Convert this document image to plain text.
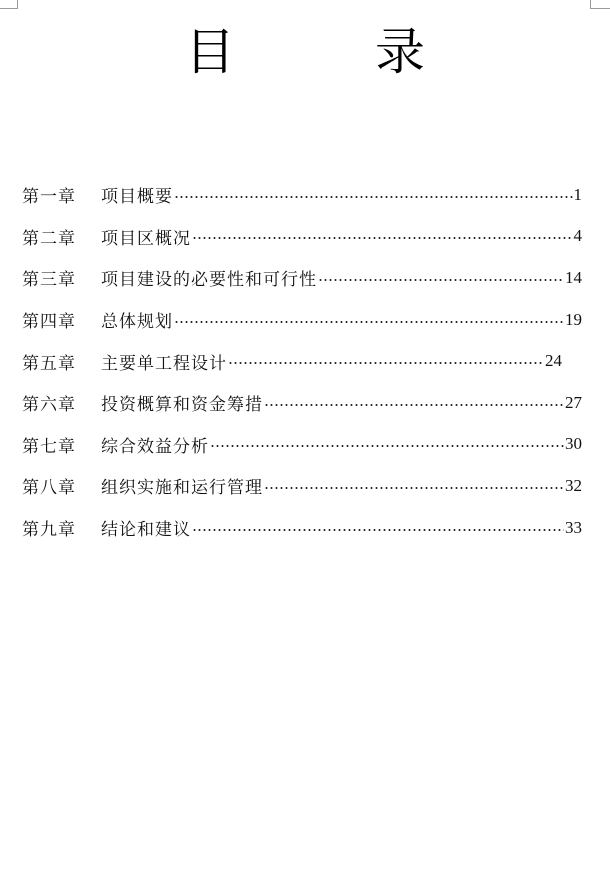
目 录
第一章	项目概要	1
第二章	项目区概况	4
第三章	项目建设的必要性和可行性	14
第四章	总体规划	19
第五章	主要单工程设计	24
第六章	投资概算和资金筹措	27
第七章	综合效益分析	30
第八章	组织实施和运行管理	32
第九章	结论和建议	33
